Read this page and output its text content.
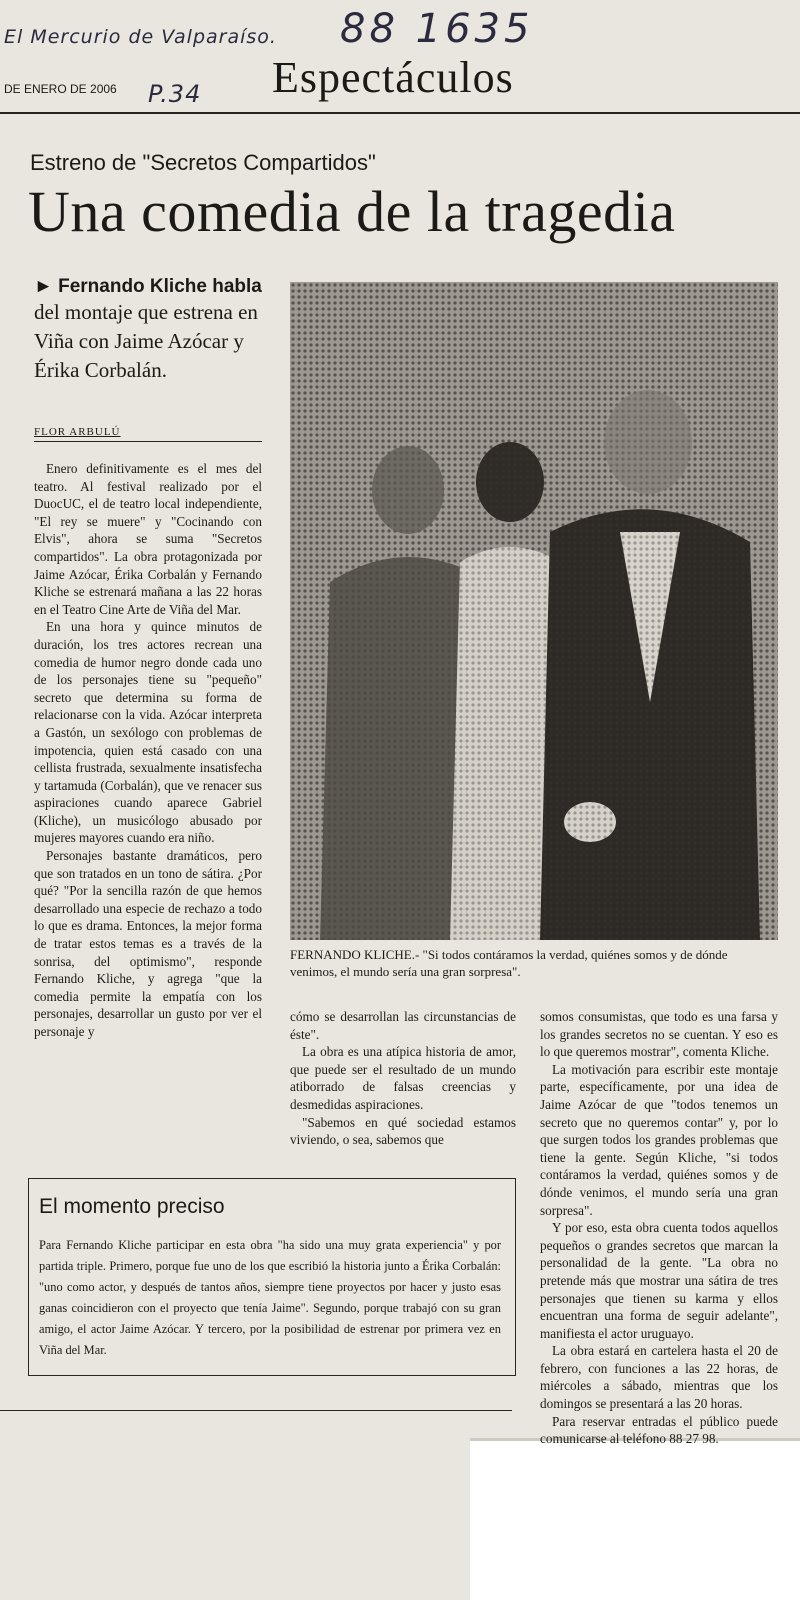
El Mercurio de Valparaíso. 88 1635
DE ENERO DE 2006 P.34 Espectáculos
Estreno de "Secretos Compartidos"
Una comedia de la tragedia
► Fernando Kliche habla
del montaje que estrena en Viña con Jaime Azócar y Érika Corbalán.
FLOR ARBULÚ

Enero definitivamente es el mes del teatro. Al festival realizado por el DuocUC, el de teatro local independiente, "El rey se muere" y "Cocinando con Elvis", ahora se suma "Secretos compartidos". La obra protagonizada por Jaime Azócar, Érika Corbalán y Fernando Kliche se estrenará mañana a las 22 horas en el Teatro Cine Arte de Viña del Mar.

En una hora y quince minutos de duración, los tres actores recrean una comedia de humor negro donde cada uno de los personajes tiene su "pequeño" secreto que determina su forma de relacionarse con la vida. Azócar interpreta a Gastón, un sexólogo con problemas de impotencia, quien está casado con una cellista frustrada, sexualmente insatisfecha y tartamuda (Corbalán), que ve renacer sus aspiraciones cuando aparece Gabriel (Kliche), un musicólogo abusado por mujeres mayores cuando era niño.

Personajes bastante dramáticos, pero que son tratados en un tono de sátira. ¿Por qué? "Por la sencilla razón de que hemos desarrollado una especie de rechazo a todo lo que es drama. Entonces, la mejor forma de tratar estos temas es a través de la sonrisa, del optimismo", responde Fernando Kliche, y agrega "que la comedia permite la empatía con los personajes, desarrollar un gusto por ver el personaje y

FERNANDO KLICHE.- "Si todos contáramos la verdad, quiénes somos y de dónde venimos, el mundo sería una gran sorpresa".

cómo se desarrollan las circunstancias de éste".

La obra es una atípica historia de amor, que puede ser el resultado de un mundo atiborrado de falsas creencias y desmedidas aspiraciones.

"Sabemos en qué sociedad estamos viviendo, o sea, sabemos que

somos consumistas, que todo es una farsa y los grandes secretos no se cuentan. Y eso es lo que queremos mostrar", comenta Kliche.

La motivación para escribir este montaje parte, específicamente, por una idea de Jaime Azócar de que "todos tenemos un secreto que no queremos contar" y, por lo que surgen todos los grandes problemas que tiene la gente. Según Kliche, "si todos contáramos la verdad, quiénes somos y de dónde venimos, el mundo sería una gran sorpresa".

Y por eso, esta obra cuenta todos aquellos pequeños o grandes secretos que marcan la personalidad de la gente. "La obra no pretende más que mostrar una sátira de tres personajes que tienen su karma y ellos encuentran una forma de seguir adelante", manifiesta el actor uruguayo.

La obra estará en cartelera hasta el 20 de febrero, con funciones a las 22 horas, de miércoles a sábado, mientras que los domingos se presentará a las 20 horas.

Para reservar entradas el público puede comunicarse al teléfono 88 27 98.

El momento preciso
Para Fernando Kliche participar en esta obra "ha sido una muy grata experiencia" y por partida triple. Primero, porque fue uno de los que escribió la historia junto a Érika Corbalán: "uno como actor, y después de tantos años, siempre tiene proyectos por hacer y justo esas ganas coincidieron con el proyecto que tenía Jaime". Segundo, porque trabajó con su gran amigo, el actor Jaime Azócar. Y tercero, por la posibilidad de estrenar por primera vez en Viña del Mar.
